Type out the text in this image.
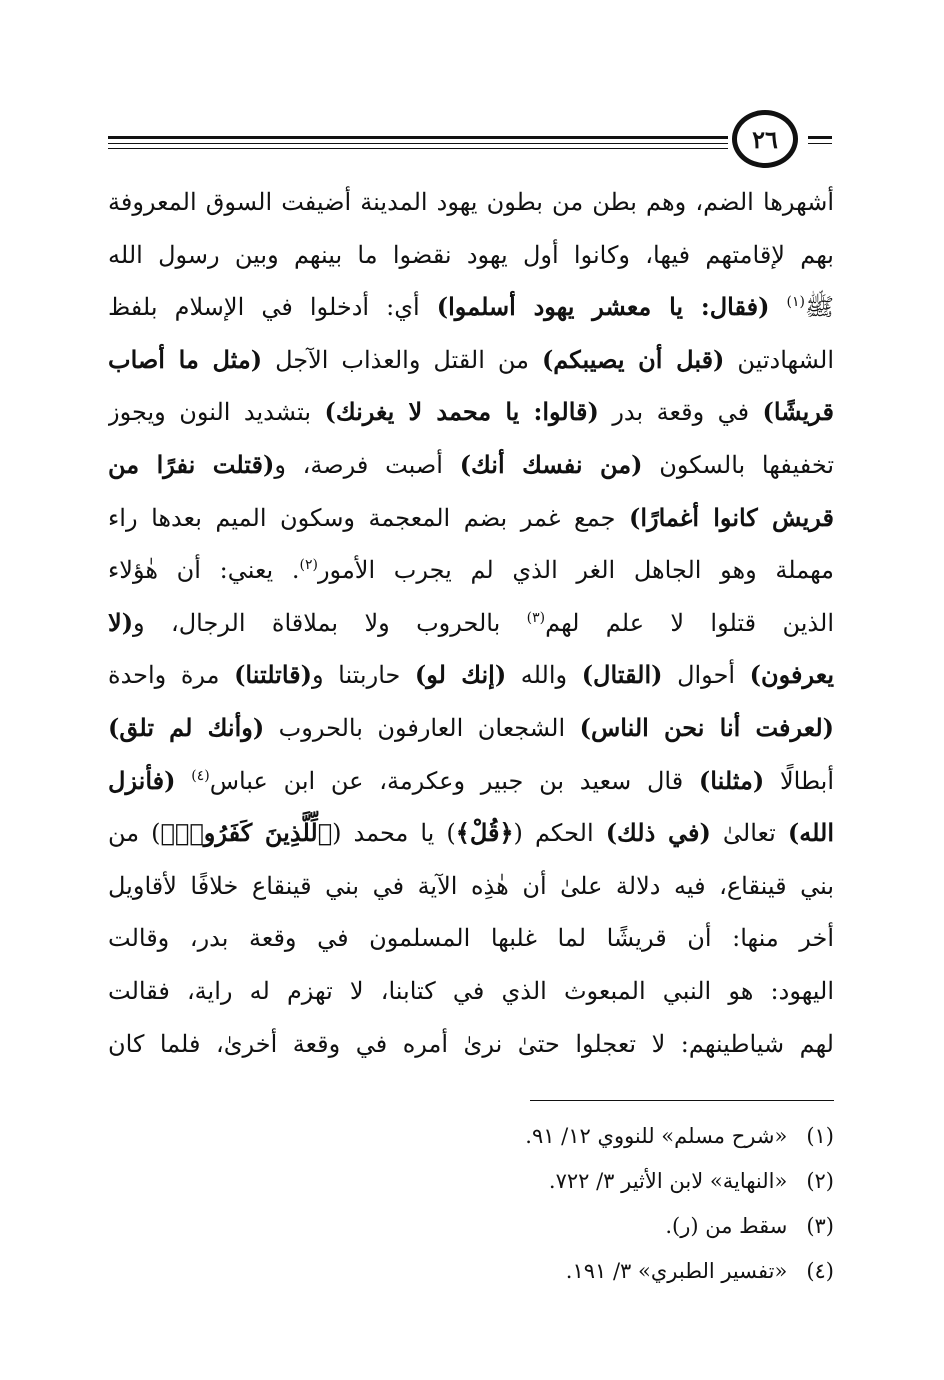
٢٦
أشهرها الضم، وهم بطن من بطون يهود المدينة أضيفت السوق المعروفة
بهم لإقامتهم فيها، وكانوا أول يهود نقضوا ما بينهم وبين رسول الله
ﷺ$^{(١)}$ (فقال: يا معشر يهود أسلموا) أي: أدخلوا في الإسلام بلفظ
الشهادتين (قبل أن يصيبكم) من القتل والعذاب الآجل (مثل ما أصاب
قريشًا) في وقعة بدر (قالوا: يا محمد لا يغرنك) بتشديد النون ويجوز
تخفيفها بالسكون (من نفسك أنك) أصبت فرصة، و(قتلت نفرًا من
قريش كانوا أغمارًا) جمع غمر بضم المعجمة وسكون الميم بعدها راء
مهملة وهو الجاهل الغر الذي لم يجرب الأمور$^{(٢)}$. يعني: أن هٰؤلاء
الذين قتلوا لا علم لهم$^{(٣)}$ بالحروب ولا بملاقاة الرجال، و(لا
يعرفون) أحوال (القتال) والله (إنك لو) حاربتنا و(قاتلتنا) مرة واحدة
(لعرفت أنا نحن الناس) الشجعان العارفون بالحروب (وأنك لم تلق)
أبطالًا (مثلنا) قال سعيد بن جبير وعكرمة، عن ابن عباس$^{(٤)}$ (فأنزل
الله) تعالىٰ (في ذلك) الحكم (﴿قُلْ﴾) يا محمد (﴿لِّلَّذِينَ كَفَرُوا۟﴾) من
بني قينقاع، فيه دلالة علىٰ أن هٰذِه الآية في بني قينقاع خلافًا لأقاويل
أخر منها: أن قريشًا لما غلبها المسلمون في وقعة بدر، وقالت
اليهود: هو النبي المبعوث الذي في كتابنا، لا تهزم له راية، فقالت
لهم شياطينهم: لا تعجلوا حتىٰ نرىٰ أمره في وقعة أخرىٰ، فلما كان
(١) «شرح مسلم» للنووي ١٢/ ٩١.
(٢) «النهاية» لابن الأثير ٣/ ٧٢٢.
(٣) سقط من (ر).
(٤) «تفسير الطبري» ٣/ ١٩١.
